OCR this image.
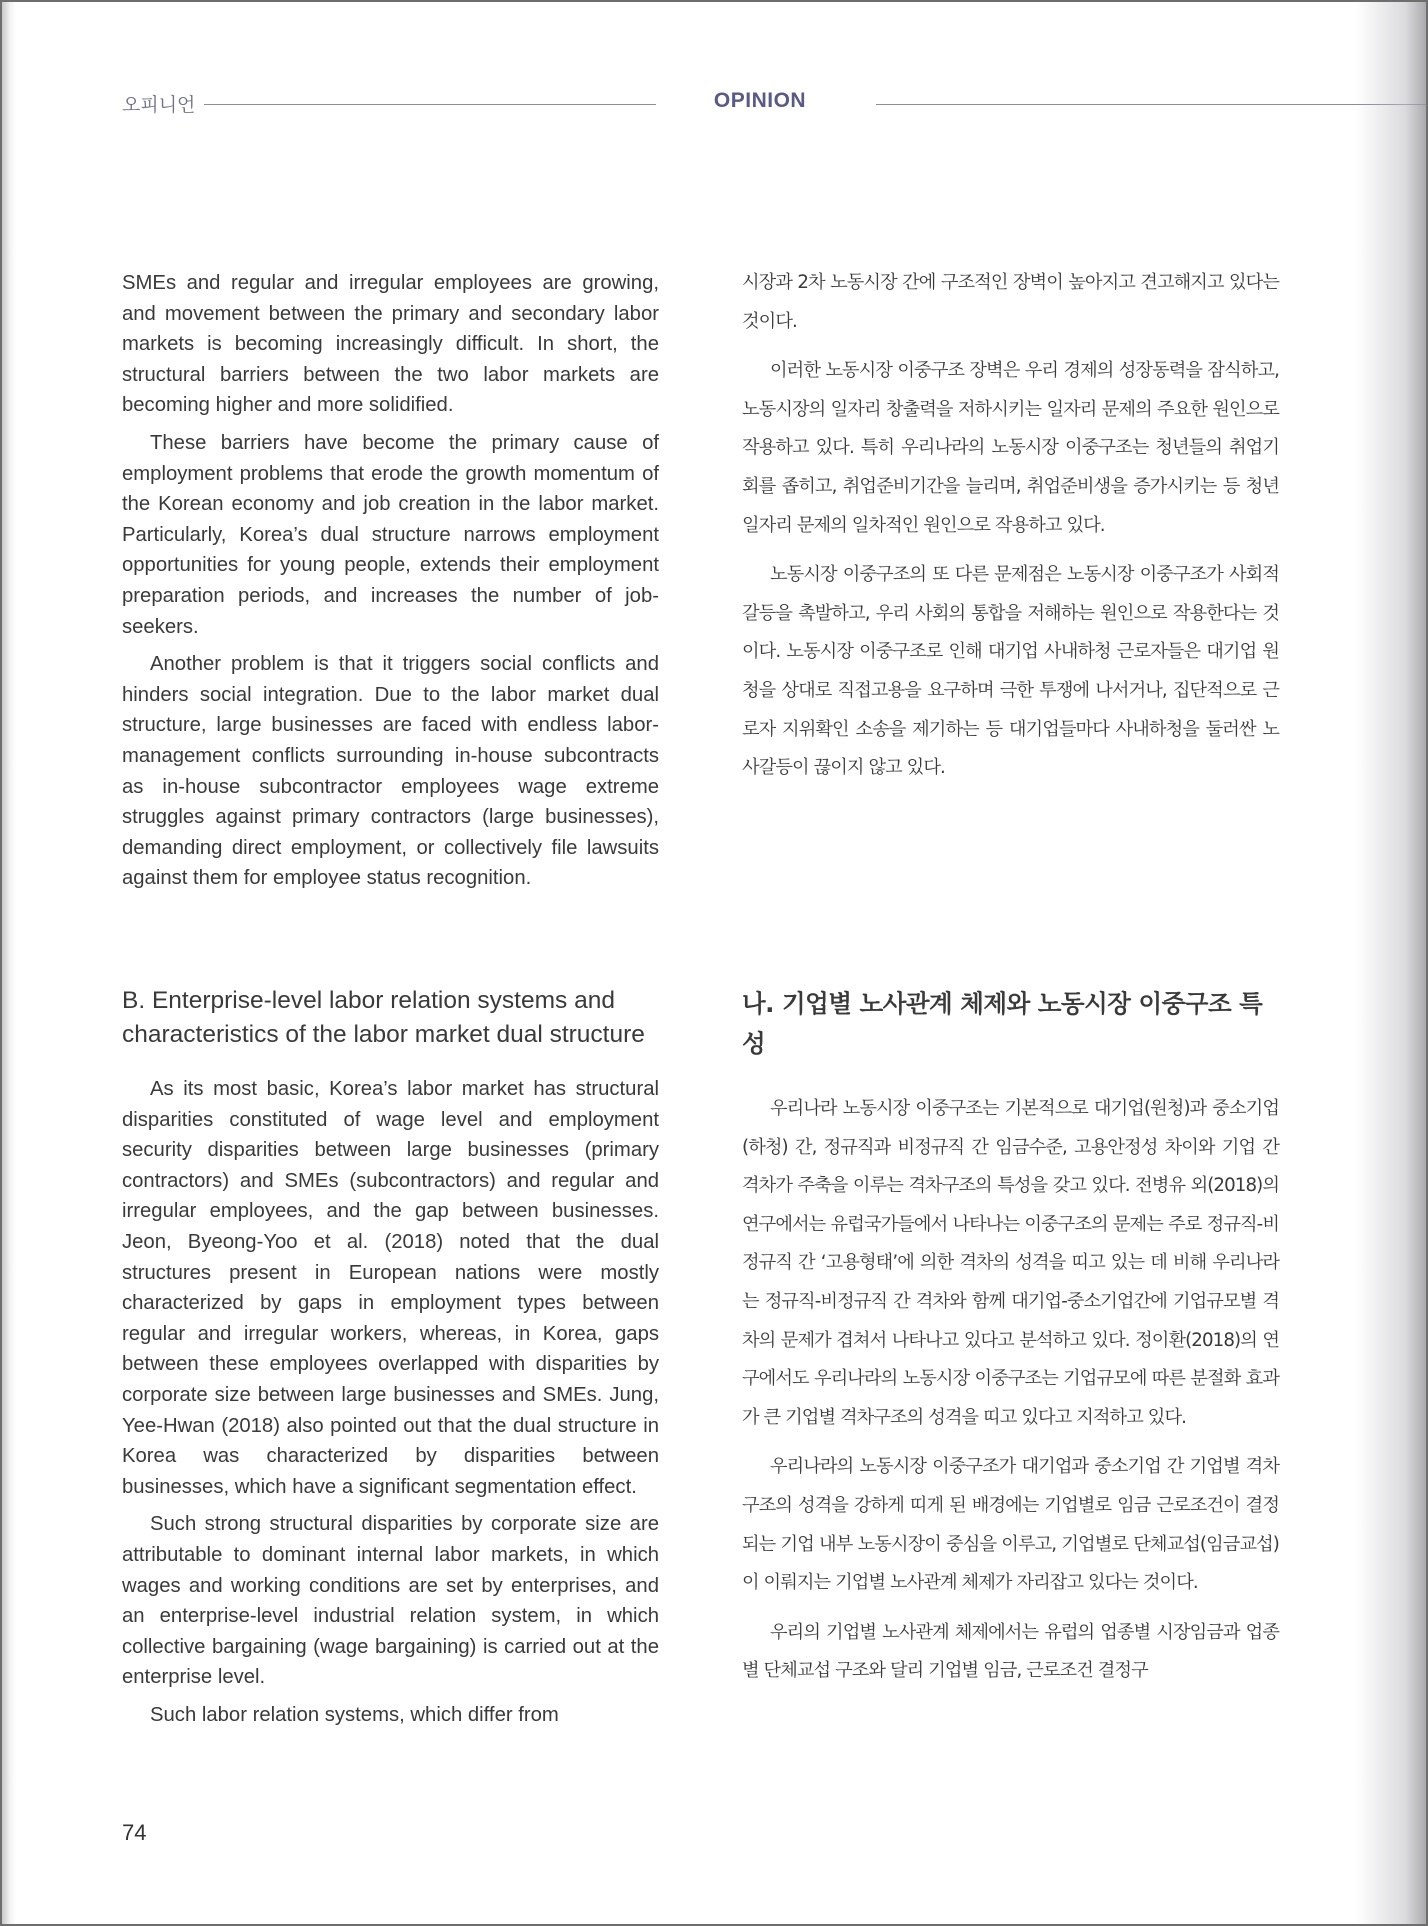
오피니언	OPINION

SMEs and regular and irregular employees are growing, and movement between the primary and secondary labor markets is becoming increasingly difficult. In short, the structural barriers between the two labor markets are becoming higher and more solidified.

These barriers have become the primary cause of employment problems that erode the growth momentum of the Korean economy and job creation in the labor market. Particularly, Korea’s dual structure narrows employment opportunities for young people, extends their employment preparation periods, and increases the number of job-seekers.

Another problem is that it triggers social conflicts and hinders social integration. Due to the labor market dual structure, large businesses are faced with endless labor-management conflicts surrounding in-house subcontracts as in-house subcontractor employees wage extreme struggles against primary contractors (large businesses), demanding direct employment, or collectively file lawsuits against them for employee status recognition.

시장과 2차 노동시장 간에 구조적인 장벽이 높아지고 견고해지고 있다는 것이다.

이러한 노동시장 이중구조 장벽은 우리 경제의 성장동력을 잠식하고, 노동시장의 일자리 창출력을 저하시키는 일자리 문제의 주요한 원인으로 작용하고 있다. 특히 우리나라의 노동시장 이중구조는 청년들의 취업기회를 좁히고, 취업준비기간을 늘리며, 취업준비생을 증가시키는 등 청년 일자리 문제의 일차적인 원인으로 작용하고 있다.

노동시장 이중구조의 또 다른 문제점은 노동시장 이중구조가 사회적 갈등을 촉발하고, 우리 사회의 통합을 저해하는 원인으로 작용한다는 것이다. 노동시장 이중구조로 인해 대기업 사내하청 근로자들은 대기업 원청을 상대로 직접고용을 요구하며 극한 투쟁에 나서거나, 집단적으로 근로자 지위확인 소송을 제기하는 등 대기업들마다 사내하청을 둘러싼 노사갈등이 끊이지 않고 있다.

B. Enterprise-level labor relation systems and characteristics of the labor market dual structure
나. 기업별 노사관계 체제와 노동시장 이중구조 특성

As its most basic, Korea’s labor market has structural disparities constituted of wage level and employment security disparities between large businesses (primary contractors) and SMEs (subcontractors) and regular and irregular employees, and the gap between businesses. Jeon, Byeong-Yoo et al. (2018) noted that the dual structures present in European nations were mostly characterized by gaps in employment types between regular and irregular workers, whereas, in Korea, gaps between these employees overlapped with disparities by corporate size between large businesses and SMEs. Jung, Yee-Hwan (2018) also pointed out that the dual structure in Korea was characterized by disparities between businesses, which have a significant segmentation effect.

Such strong structural disparities by corporate size are attributable to dominant internal labor markets, in which wages and working conditions are set by enterprises, and an enterprise-level industrial relation system, in which collective bargaining (wage bargaining) is carried out at the enterprise level.

Such labor relation systems, which differ from

우리나라 노동시장 이중구조는 기본적으로 대기업(원청)과 중소기업(하청) 간, 정규직과 비정규직 간 임금수준, 고용안정성 차이와 기업 간 격차가 주축을 이루는 격차구조의 특성을 갖고 있다. 전병유 외(2018)의 연구에서는 유럽국가들에서 나타나는 이중구조의 문제는 주로 정규직-비정규직 간 ‘고용형태’에 의한 격차의 성격을 띠고 있는 데 비해 우리나라는 정규직-비정규직 간 격차와 함께 대기업-중소기업간에 기업규모별 격차의 문제가 겹쳐서 나타나고 있다고 분석하고 있다. 정이환(2018)의 연구에서도 우리나라의 노동시장 이중구조는 기업규모에 따른 분절화 효과가 큰 기업별 격차구조의 성격을 띠고 있다고 지적하고 있다.

우리나라의 노동시장 이중구조가 대기업과 중소기업 간 기업별 격차구조의 성격을 강하게 띠게 된 배경에는 기업별로 임금 근로조건이 결정되는 기업 내부 노동시장이 중심을 이루고, 기업별로 단체교섭(임금교섭)이 이뤄지는 기업별 노사관계 체제가 자리잡고 있다는 것이다.

우리의 기업별 노사관계 체제에서는 유럽의 업종별 시장임금과 업종별 단체교섭 구조와 달리 기업별 임금, 근로조건 결정구

74
